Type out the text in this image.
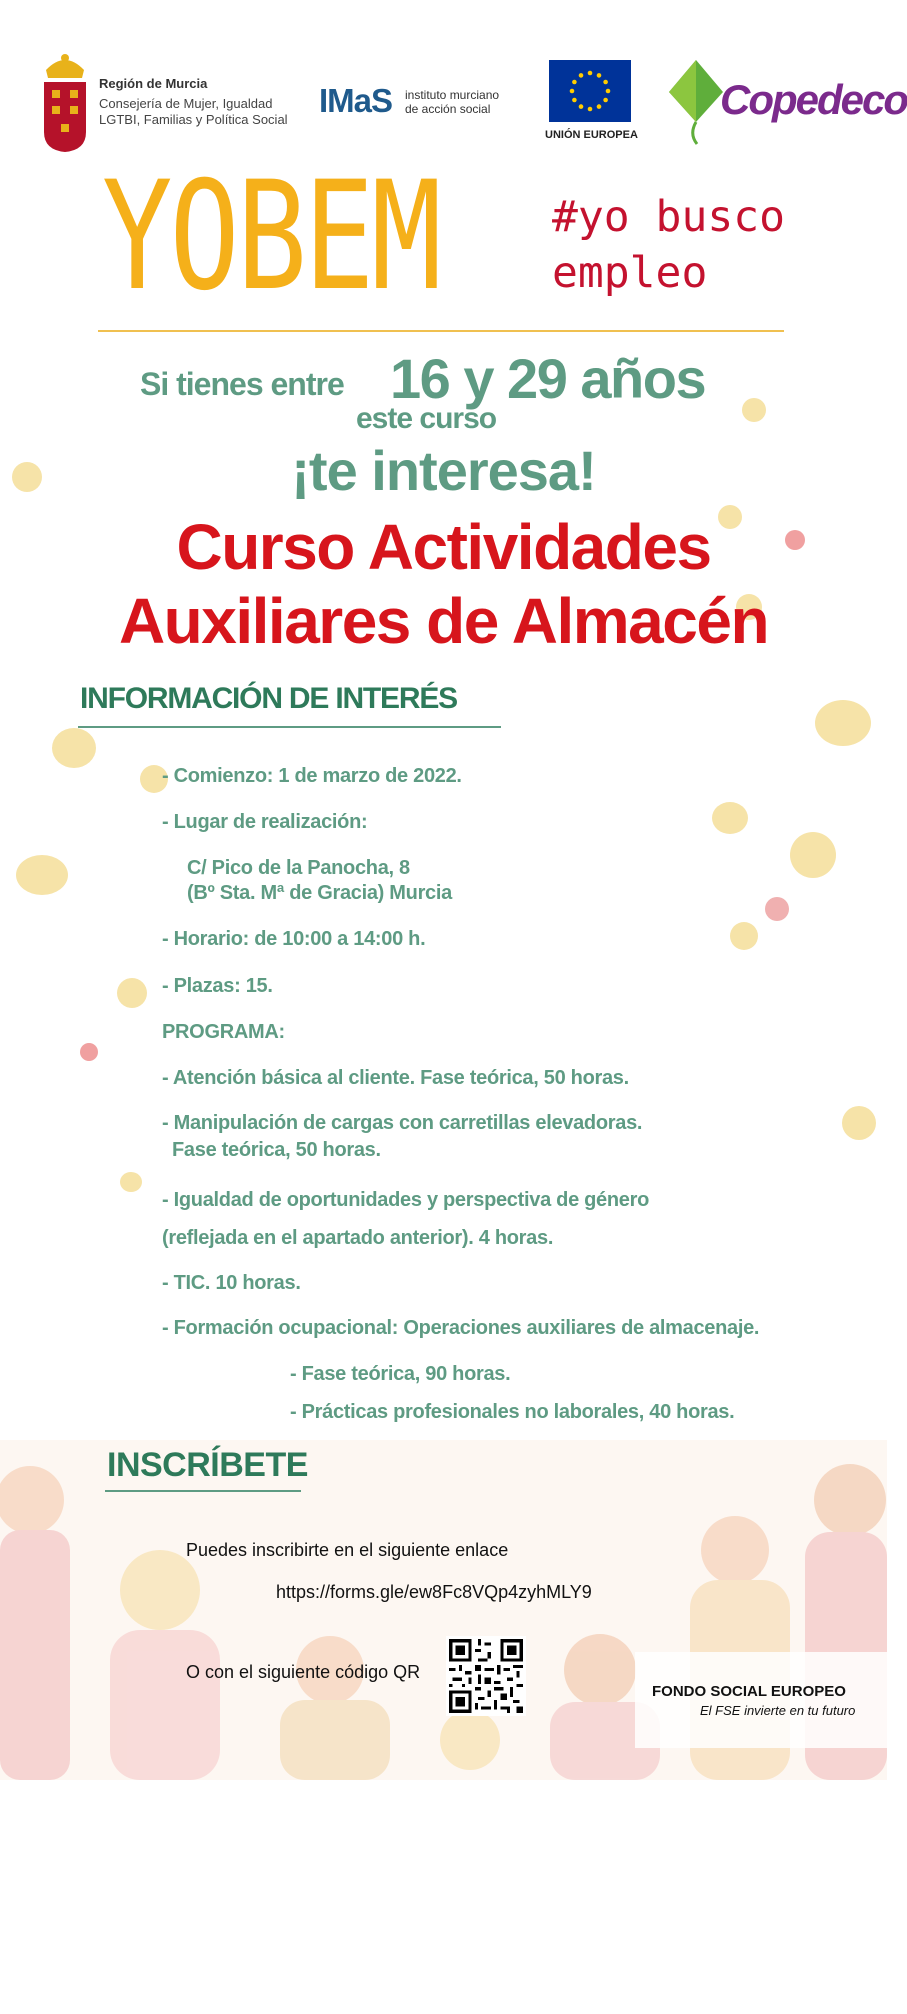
Región de Murcia
Consejería de Mujer, Igualdad
LGTBI, Familias y Política Social
IMaS instituto murciano
de acción social
UNIÓN EUROPEA
Copedeco
YOBEM	#yo busco
empleo
Si tienes entre 16 y 29 años
este curso
¡te interesa!
Curso Actividades
Auxiliares de Almacén
INFORMACIÓN DE INTERÉS
- Comienzo: 1 de marzo de 2022.
- Lugar de realización:
C/ Pico de la Panocha, 8
(Bº Sta. Mª de Gracia) Murcia
- Horario: de 10:00 a 14:00 h.
- Plazas: 15.
PROGRAMA:
- Atención básica al cliente. Fase teórica, 50 horas.
- Manipulación de cargas con carretillas elevadoras.
Fase teórica, 50 horas.
- Igualdad de oportunidades y perspectiva de género
(reflejada en el apartado anterior). 4 horas.
- TIC. 10 horas.
- Formación ocupacional: Operaciones auxiliares de almacenaje.
- Fase teórica, 90 horas.
- Prácticas profesionales no laborales, 40 horas.
INSCRÍBETE
Puedes inscribirte en el siguiente enlace
https://forms.gle/ew8Fc8VQp4zyhMLY9
O con el siguiente código QR
FONDO SOCIAL EUROPEO
El FSE invierte en tu futuro
